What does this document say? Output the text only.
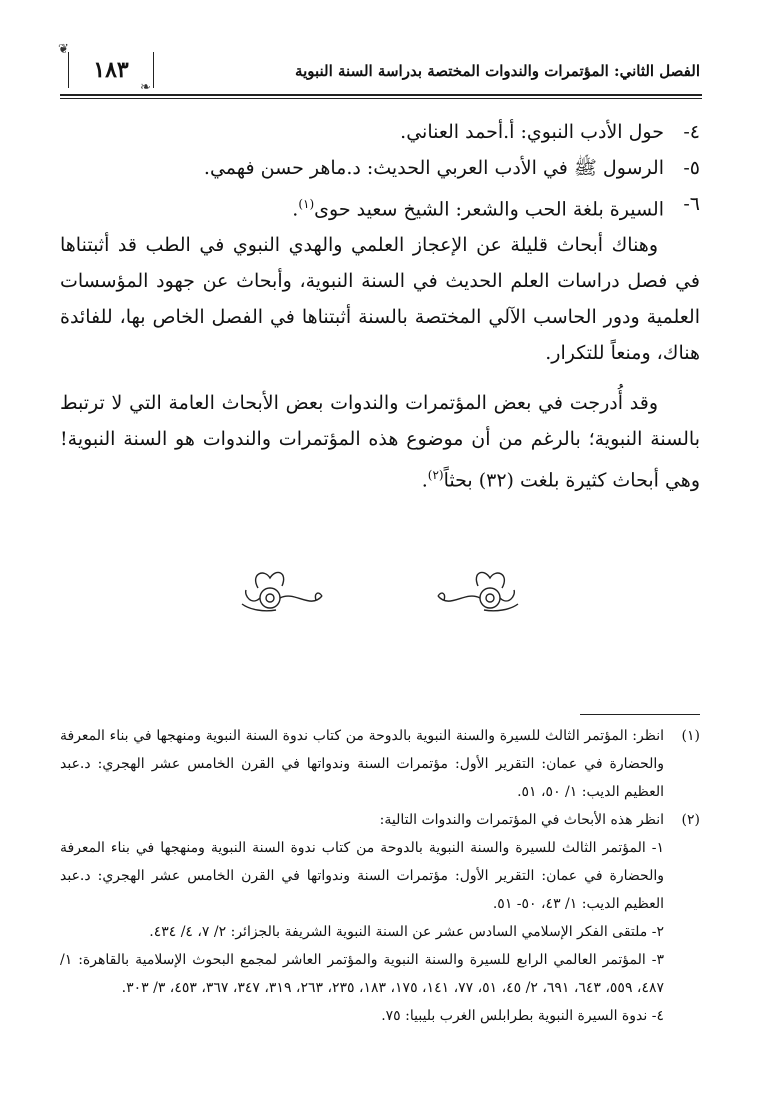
❦
١٨٣
❧
الفصل الثاني: المؤتمرات والندوات المختصة بدراسة السنة النبوية
٤-
حول الأدب النبوي: أ.أحمد العناني.
٥-
الرسول ﷺ في الأدب العربي الحديث: د.ماهر حسن فهمي.
٦-
السيرة بلغة الحب والشعر: الشيخ سعيد حوى$^{(١)}$.

وهناك أبحاث قليلة عن الإعجاز العلمي والهدي النبوي في الطب قد أثبتناها في فصل دراسات العلم الحديث في السنة النبوية، وأبحاث عن جهود المؤسسات العلمية ودور الحاسب الآلي المختصة بالسنة أثبتناها في الفصل الخاص بها، للفائدة هناك، ومنعاً للتكرار.

وقد أُدرجت في بعض المؤتمرات والندوات بعض الأبحاث العامة التي لا ترتبط بالسنة النبوية؛ بالرغم من أن موضوع هذه المؤتمرات والندوات هو السنة النبوية! وهي أبحاث كثيرة بلغت (٣٢) بحثاً$^{(٢)}$.

(١)
انظر: المؤتمر الثالث للسيرة والسنة النبوية بالدوحة من كتاب ندوة السنة النبوية ومنهجها في بناء المعرفة والحضارة في عمان: التقرير الأول: مؤتمرات السنة وندواتها في القرن الخامس عشر الهجري: د.عبد العظيم الديب: ١/ ٥٠، ٥١.
(٢)
انظر هذه الأبحاث في المؤتمرات والندوات التالية:
١- المؤتمر الثالث للسيرة والسنة النبوية بالدوحة من كتاب ندوة السنة النبوية ومنهجها في بناء المعرفة والحضارة في عمان: التقرير الأول: مؤتمرات السنة وندواتها في القرن الخامس عشر الهجري: د.عبد العظيم الديب: ١/ ٤٣، ٥٠- ٥١.
٢- ملتقى الفكر الإسلامي السادس عشر عن السنة النبوية الشريفة بالجزائر: ٢/ ٧، ٤/ ٤٣٤.
٣- المؤتمر العالمي الرابع للسيرة والسنة النبوية والمؤتمر العاشر لمجمع البحوث الإسلامية بالقاهرة: ١/ ٤٨٧، ٥٥٩، ٦٤٣، ٦٩١، ٢/ ٤٥، ٥١، ٧٧، ١٤١، ١٧٥، ١٨٣، ٢٣٥، ٢٦٣، ٣١٩، ٣٤٧، ٣٦٧، ٤٥٣، ٣/ ٣٠٣.
٤- ندوة السيرة النبوية بطرابلس الغرب بليبيا: ٧٥.
